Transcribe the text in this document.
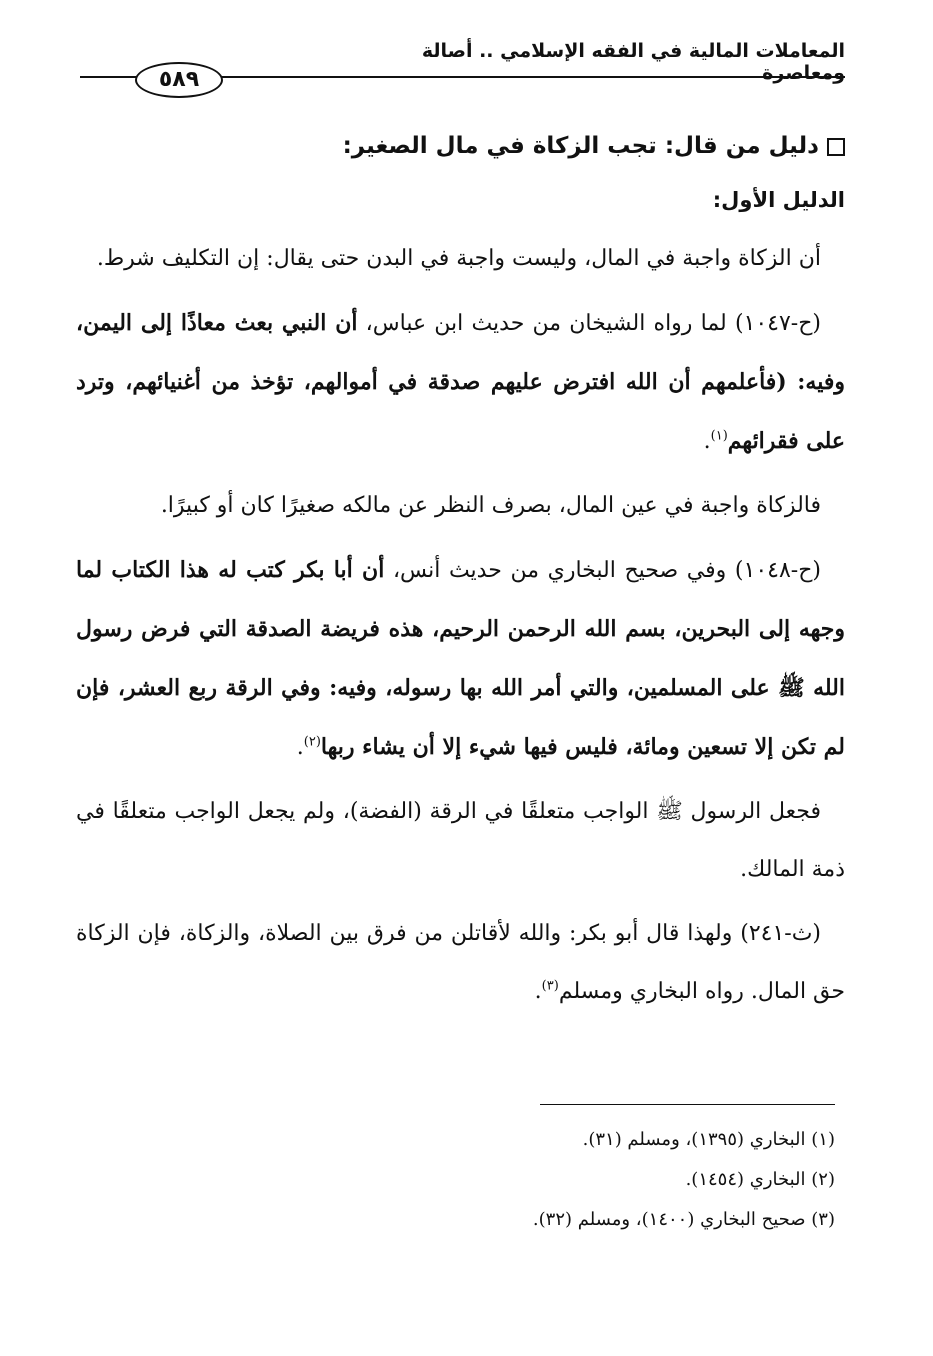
المعاملات المالية في الفقه الإسلامي .. أصالة ومعاصرة
٥٨٩
دليل من قال: تجب الزكاة في مال الصغير:
الدليل الأول:

أن الزكاة واجبة في المال، وليست واجبة في البدن حتى يقال: إن التكليف شرط.

(ح-١٠٤٧) لما رواه الشيخان من حديث ابن عباس، أن النبي بعث معاذًا إلى اليمن، وفيه: (فأعلمهم أن الله افترض عليهم صدقة في أموالهم، تؤخذ من أغنيائهم، وترد على فقرائهم$^{(١)}$.

فالزكاة واجبة في عين المال، بصرف النظر عن مالكه صغيرًا كان أو كبيرًا.

(ح-١٠٤٨) وفي صحيح البخاري من حديث أنس، أن أبا بكر كتب له هذا الكتاب لما وجهه إلى البحرين، بسم الله الرحمن الرحيم، هذه فريضة الصدقة التي فرض رسول الله ﷺ على المسلمين، والتي أمر الله بها رسوله، وفيه: وفي الرقة ربع العشر، فإن لم تكن إلا تسعين ومائة، فليس فيها شيء إلا أن يشاء ربها$^{(٢)}$.

فجعل الرسول ﷺ الواجب متعلقًا في الرقة (الفضة)، ولم يجعل الواجب متعلقًا في ذمة المالك.

(ث-٢٤١) ولهذا قال أبو بكر: والله لأقاتلن من فرق بين الصلاة، والزكاة، فإن الزكاة حق المال. رواه البخاري ومسلم$^{(٣)}$.

(١) البخاري (١٣٩٥)، ومسلم (٣١).
(٢) البخاري (١٤٥٤).
(٣) صحيح البخاري (١٤٠٠)، ومسلم (٣٢).
